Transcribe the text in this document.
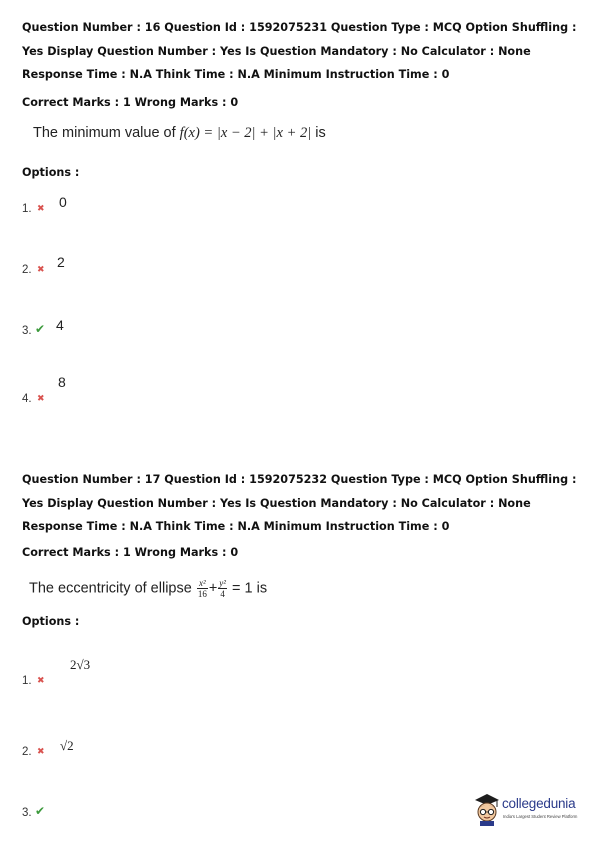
Question Number : 16 Question Id : 1592075231 Question Type : MCQ Option Shuffling : Yes Display Question Number : Yes Is Question Mandatory : No Calculator : None Response Time : N.A Think Time : N.A Minimum Instruction Time : 0
Correct Marks : 1 Wrong Marks : 0
The minimum value of f(x) = |x − 2| + |x + 2| is
Options :
1. ✖ 0
2. ✖ 2
3. ✔ 4
4. ✖
8
Question Number : 17 Question Id : 1592075232 Question Type : MCQ Option Shuffling : Yes Display Question Number : Yes Is Question Mandatory : No Calculator : None Response Time : N.A Think Time : N.A Minimum Instruction Time : 0
Correct Marks : 1 Wrong Marks : 0
The eccentricity of ellipse $\frac{\text{x²}}{16} + \frac{\text{y²}}{4} = 1$ is
Options :
1. ✖
2√3
2. ✖ √2
3. ✔	collegedunia
India's Largest Student Review Platform
